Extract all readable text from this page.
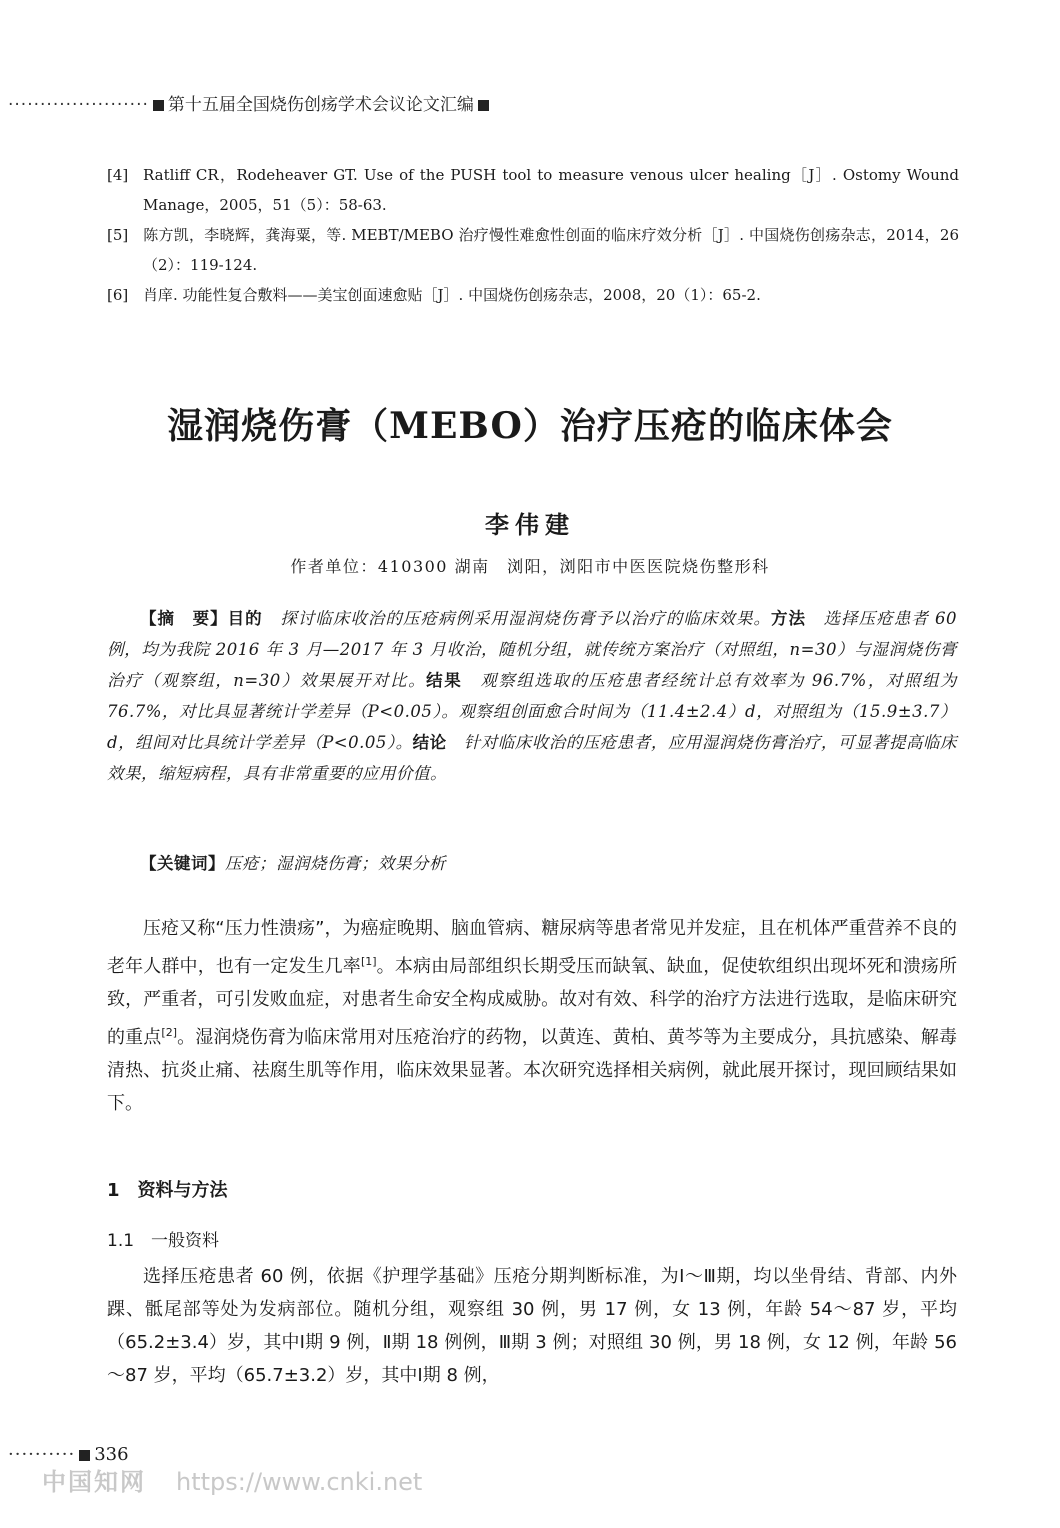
······················ 第十五届全国烧伤创疡学术会议论文汇编

[4] Ratliff CR，Rodeheaver GT. Use of the PUSH tool to measure venous ulcer healing［J］. Ostomy Wound Manage，2005，51（5）：58-63.

[5] 陈方凯，李晓辉，龚海粟，等. MEBT/MEBO 治疗慢性难愈性创面的临床疗效分析［J］. 中国烧伤创疡杂志，2014，26（2）：119-124.

[6] 肖庠. 功能性复合敷料——美宝创面速愈贴［J］. 中国烧伤创疡杂志，2008，20（1）：65-2.

湿润烧伤膏（MEBO）治疗压疮的临床体会
李伟建
作者单位：410300 湖南　浏阳，浏阳市中医医院烧伤整形科

【摘　要】目的　 探讨临床收治的压疮病例采用湿润烧伤膏予以治疗的临床效果。方法　 选择压疮患者 60 例，均为我院 2016 年 3 月—2017 年 3 月收治，随机分组，就传统方案治疗（对照组，n=30）与湿润烧伤膏治疗（观察组，n=30）效果展开对比。结果　 观察组选取的压疮患者经统计总有效率为 96.7%，对照组为 76.7%，对比具显著统计学差异（P<0.05）。观察组创面愈合时间为（11.4±2.4）d，对照组为（15.9±3.7）d，组间对比具统计学差异（P<0.05）。结论　 针对临床收治的压疮患者，应用湿润烧伤膏治疗，可显著提高临床效果，缩短病程，具有非常重要的应用价值。

【关键词】压疮；湿润烧伤膏；效果分析

压疮又称“压力性溃疡”，为癌症晚期、脑血管病、糖尿病等患者常见并发症，且在机体严重营养不良的老年人群中，也有一定发生几率[1]。本病由局部组织长期受压而缺氧、缺血，促使软组织出现坏死和溃疡所致，严重者，可引发败血症，对患者生命安全构成威胁。故对有效、科学的治疗方法进行选取，是临床研究的重点[2]。湿润烧伤膏为临床常用对压疮治疗的药物，以黄连、黄柏、黄芩等为主要成分，具抗感染、解毒清热、抗炎止痛、祛腐生肌等作用，临床效果显著。本次研究选择相关病例，就此展开探讨，现回顾结果如下。

1　资料与方法
1.1　一般资料

选择压疮患者 60 例，依据《护理学基础》压疮分期判断标准，为Ⅰ～Ⅲ期，均以坐骨结、背部、内外踝、骶尾部等处为发病部位。随机分组，观察组 30 例，男 17 例，女 13 例，年龄 54～87 岁，平均（65.2±3.4）岁，其中Ⅰ期 9 例，Ⅱ期 18 例例，Ⅲ期 3 例；对照组 30 例，男 18 例，女 12 例，年龄 56～87 岁，平均（65.7±3.2）岁，其中Ⅰ期 8 例，

·········· 336
中国知网 https://www.cnki.net
